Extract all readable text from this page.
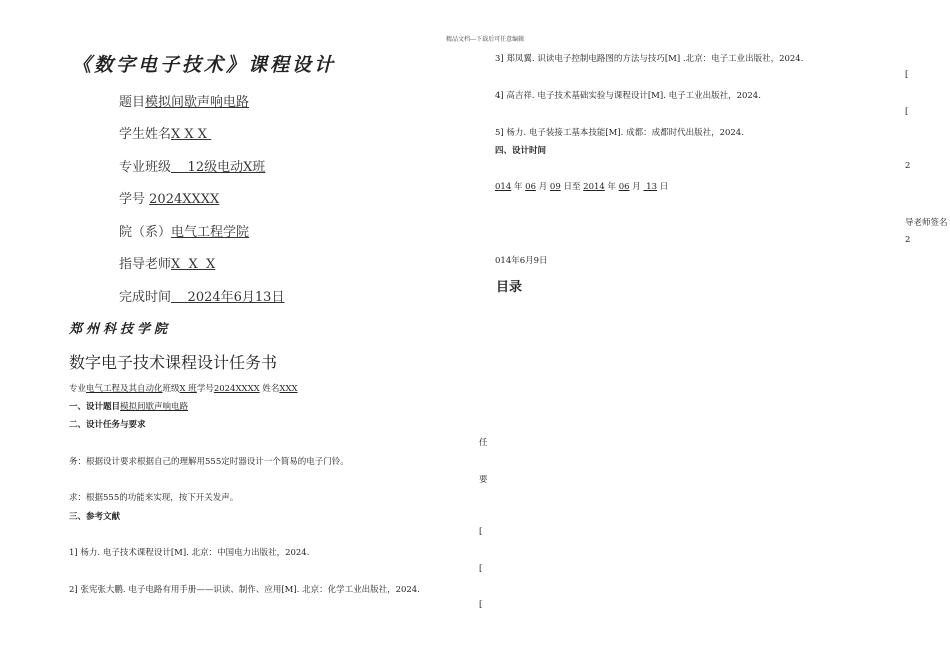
精品文档---下载后可任意编辑
《数字电子技术》课程设计
题目模拟间歇声响电路
学生姓名X X X
专业班级    12级电动X班
学号 2024XXXX
院（系）电气工程学院
指导老师X  X  X
完成时间    2024年6月13日
郑州科技学院
数字电子技术课程设计任务书
专业电气工程及其自动化班级X 班学号2024XXXX 姓名XXX
一、设计题目模拟间歇声响电路
二、设计任务与要求
务：根据设计要求根据自己的理解用555定时器设计一个简易的电子门铃。
求：根据555的功能来实现，按下开关发声。
三、参考文献
1] 杨力. 电子技术课程设计[M]. 北京：中国电力出版社，2024.
2] 张宪张大鹏. 电子电路有用手册——识读、制作、应用[M]. 北京：化学工业出版社，2024.
任
要
[
[
[
3] 郑凤翼. 识读电子控制电路图的方法与技巧[M] .北京：电子工业出版社，2024.
4] 高吉祥. 电子技术基础实验与课程设计[M]. 电子工业出版社，2024.
5] 杨力. 电子装接工基本技能[M]. 成都：成都时代出版社，2024.
四、设计时间
014 年 06 月 09 日至 2014 年 06 月  13 日
014年6月9日
目录
[
[
2
导老师签名
2
